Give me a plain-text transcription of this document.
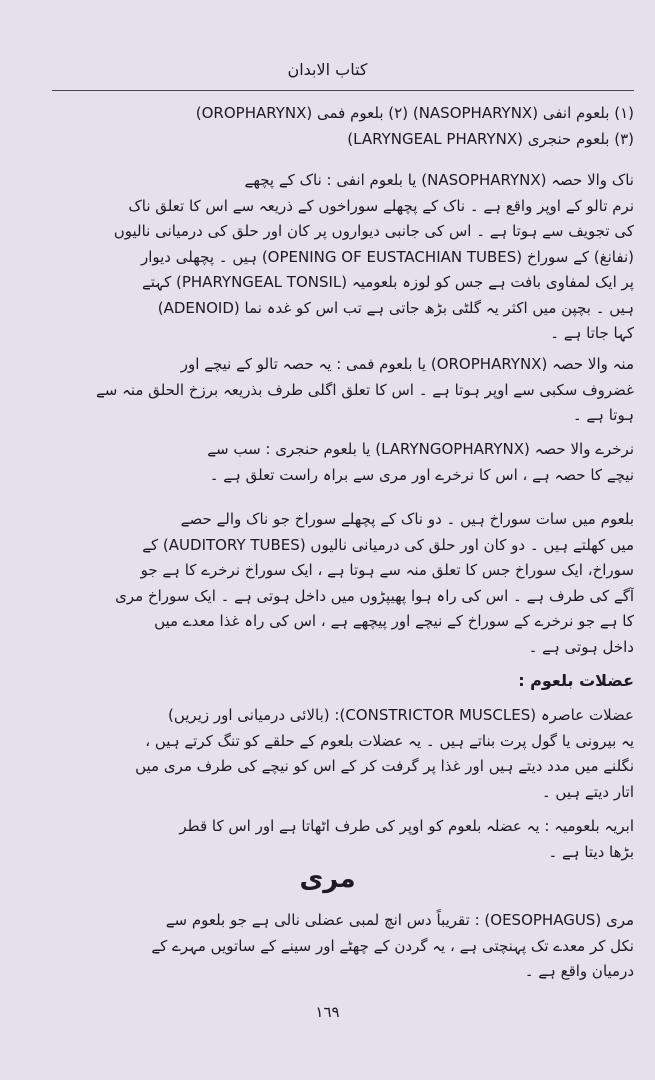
كتاب الابدان
(١) بلعوم انفی (NASOPHARYNX) (٢) بلعوم فمی (OROPHARYNX)
(٣) بلعوم حنجری (LARYNGEAL PHARYNX)
ناک والا حصہ (NASOPHARYNX) یا بلعوم انفی : ناک کے پچھے
نرم تالو کے اوپر واقع ہے ۔ ناک کے پچھلے سوراخوں کے ذریعہ سے اس کا تعلق ناک
کی تجویف سے ہوتا ہے ۔ اس کی جانبی دیواروں پر کان اور حلق کی درمیانی نالیوں
(نفانغ) کے سوراخ (OPENING OF EUSTACHIAN TUBES) ہیں ۔ پچھلی دیوار
پر ایک لمفاوی بافت ہے جس کو لوزہ بلعومیہ (PHARYNGEAL TONSIL) کہتے
ہیں ۔ بچپن میں اکثر یہ گلٹی بڑھ جاتی ہے تب اس کو غدہ نما (ADENOID)
کہا جاتا ہے ۔
منہ والا حصہ (OROPHARYNX) یا بلعوم فمی : یہ حصہ تالو کے نیچے اور
غضروف سکبی سے اوپر ہوتا ہے ۔ اس کا تعلق اگلی طرف بذریعہ برزخ الحلق منہ سے
ہوتا ہے ۔
نرخرے والا حصہ (LARYNGOPHARYNX) یا بلعوم حنجری : سب سے
نیچے کا حصہ ہے ، اس کا نرخرے اور مری سے براہ راست تعلق ہے ۔
بلعوم میں سات سوراخ ہیں ۔ دو ناک کے پچھلے سوراخ جو ناک والے حصے
میں کھلتے ہیں ۔ دو کان اور حلق کی درمیانی نالیوں (AUDITORY TUBES) کے
سوراخ، ایک سوراخ جس کا تعلق منہ سے ہوتا ہے ، ایک سوراخ نرخرے کا ہے جو
آگے کی طرف ہے ۔ اس کی راہ ہوا پھیپڑوں میں داخل ہوتی ہے ۔ ایک سوراخ مری
کا ہے جو نرخرے کے سوراخ کے نیچے اور پیچھے ہے ، اس کی راہ غذا معدے میں
داخل ہوتی ہے ۔
عضلات بلعوم :
عضلات عاصرہ (CONSTRICTOR MUSCLES): (بالائی درمیانی اور زیریں)
یہ بیرونی یا گول پرت بناتے ہیں ۔ یہ عضلات بلعوم کے حلقے کو تنگ کرتے ہیں ،
نگلنے میں مدد دیتے ہیں اور غذا پر گرفت کر کے اس کو نیچے کی طرف مری میں
اتار دیتے ہیں ۔
ابریہ بلعومیہ : یہ عضلہ بلعوم کو اوپر کی طرف اٹھاتا ہے اور اس کا قطر
بڑھا دیتا ہے ۔
مری
مری (OESOPHAGUS) : تقریباً دس انچ لمبی عضلی نالی ہے جو بلعوم سے
نکل کر معدے تک پہنچتی ہے ، یہ گردن کے چھٹے اور سینے کے ساتویں مہرے کے
درمیان واقع ہے ۔
١٦٩
